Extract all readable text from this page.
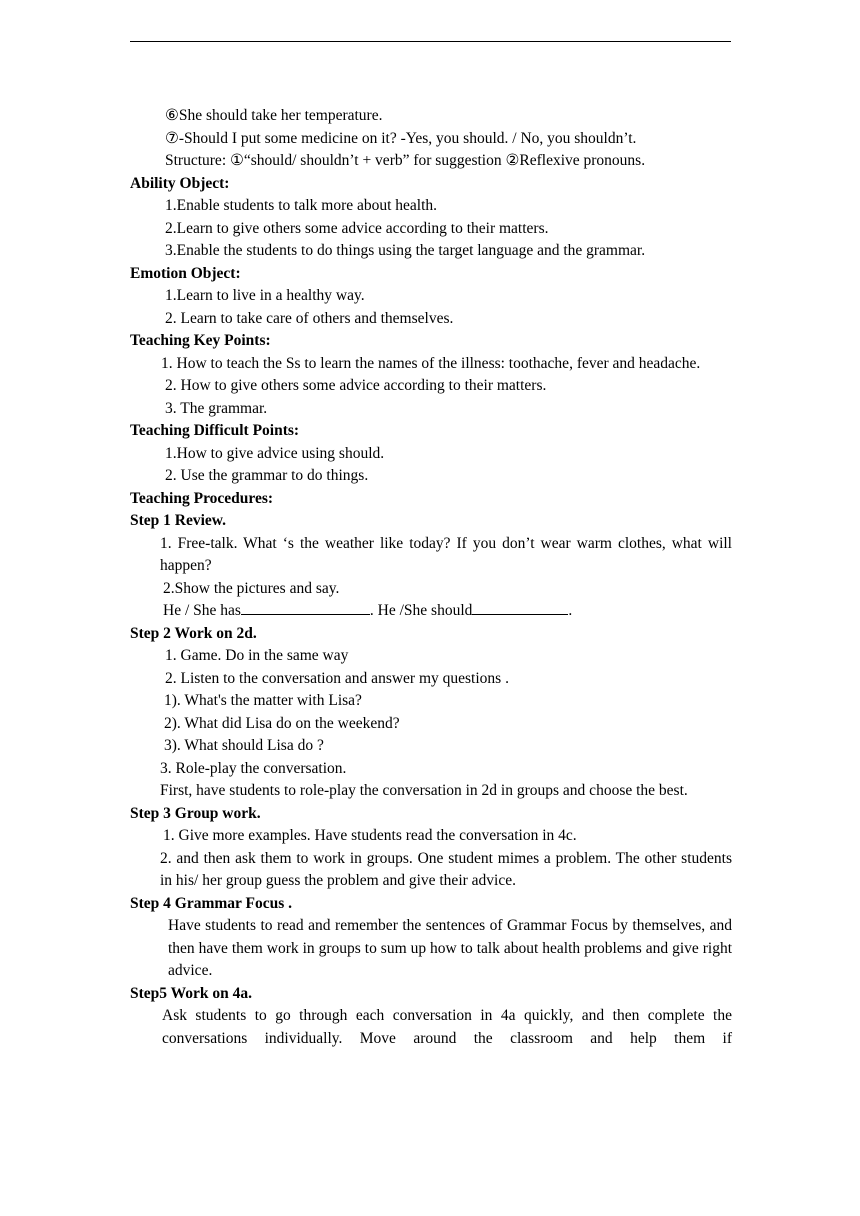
⑥She should take her temperature.
⑦-Should I put some medicine on it? -Yes, you should. / No, you shouldn’t.
Structure: ①“should/ shouldn’t + verb” for suggestion ②Reflexive pronouns.
Ability Object:
1.Enable students to talk more about health.
2.Learn to give others some advice according to their matters.
3.Enable the students to do things using the target language and the grammar.
Emotion Object:
1.Learn to live in a healthy way.
2. Learn to take care of others and themselves.
Teaching Key Points:
1. How to teach the Ss to learn the names of the illness: toothache, fever and headache.
2. How to give others some advice according to their matters.
3. The grammar.
Teaching Difficult Points:
1.How to give advice using should.
2. Use the grammar to do things.
Teaching Procedures:
Step 1 Review.
1. Free-talk. What ‘s the weather like today? If you don’t wear warm clothes, what will happen?
2.Show the pictures and say.
He / She has	. He /She should	.
Step 2 Work on 2d.
1. Game. Do in the same way
2. Listen to the conversation and answer my questions .
1). What's the matter with Lisa?
2). What did Lisa do on the weekend?
3). What should Lisa do ?
3. Role-play the conversation.
First, have students to role-play the conversation in 2d in groups and choose the best.
Step 3 Group work.
1. Give more examples. Have students read the conversation in 4c.
2. and then ask them to work in groups. One student mimes a problem. The other students in his/ her group guess the problem and give their advice.
Step 4 Grammar Focus .
Have students to read and remember the sentences of Grammar Focus by themselves, and then have them work in groups to sum up how to talk about health problems and give right advice.
Step5 Work on 4a.
Ask students to go through each conversation in 4a quickly, and then complete the conversations individually. Move around the classroom and help them if
